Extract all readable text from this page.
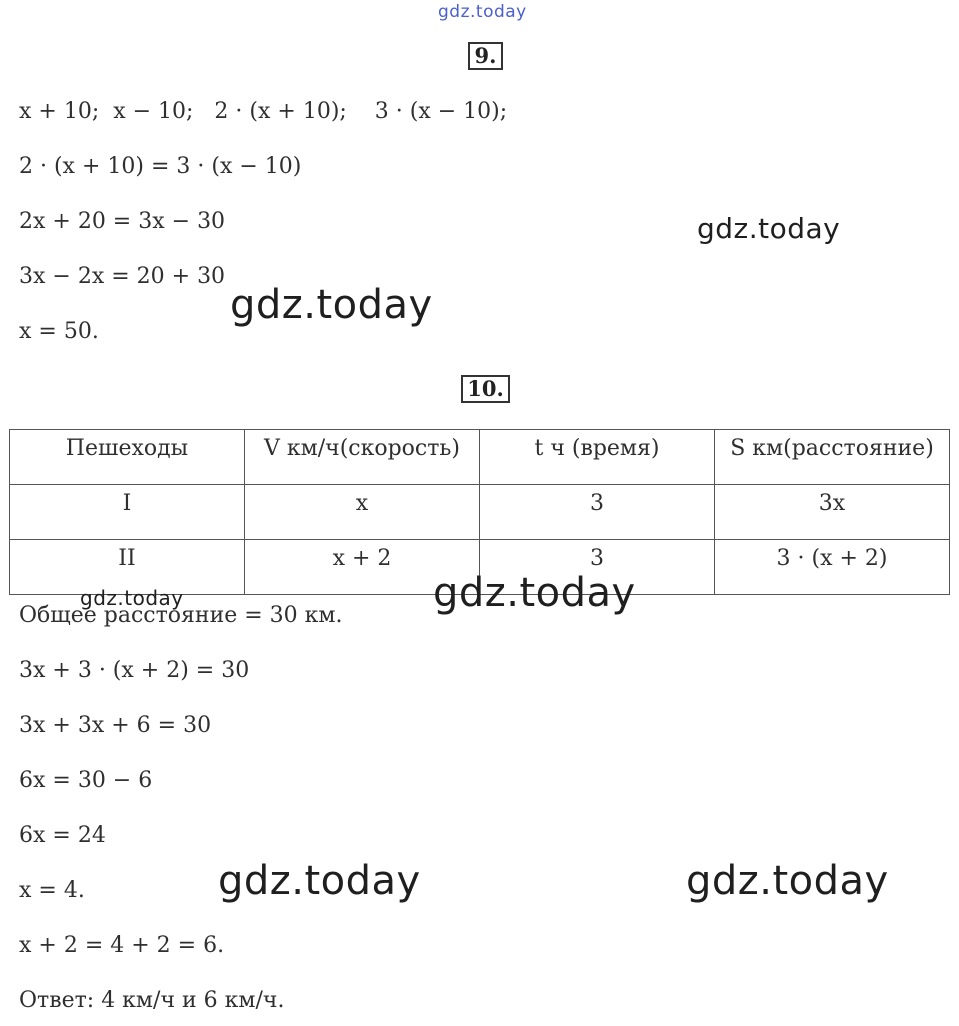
gdz.today
9.
x + 10;  x − 10;   2 · (x + 10);    3 · (x − 10);
2 · (x + 10) = 3 · (x − 10)
2x + 20 = 3x − 30
3x − 2x = 20 + 30
x = 50.
gdz.today
gdz.today
10.
Пешеходы	V км/ч(скорость)	t ч (время)	S км(расстояние)
I	x	3	3x
II	x + 2	3	3 · (x + 2)
gdz.today	gdz.today
Общее расстояние = 30 км.
3x + 3 · (x + 2) = 30
3x + 3x + 6 = 30
6x = 30 − 6
6x = 24
x = 4.
x + 2 = 4 + 2 = 6.
Ответ: 4 км/ч и 6 км/ч.
gdz.today	gdz.today
